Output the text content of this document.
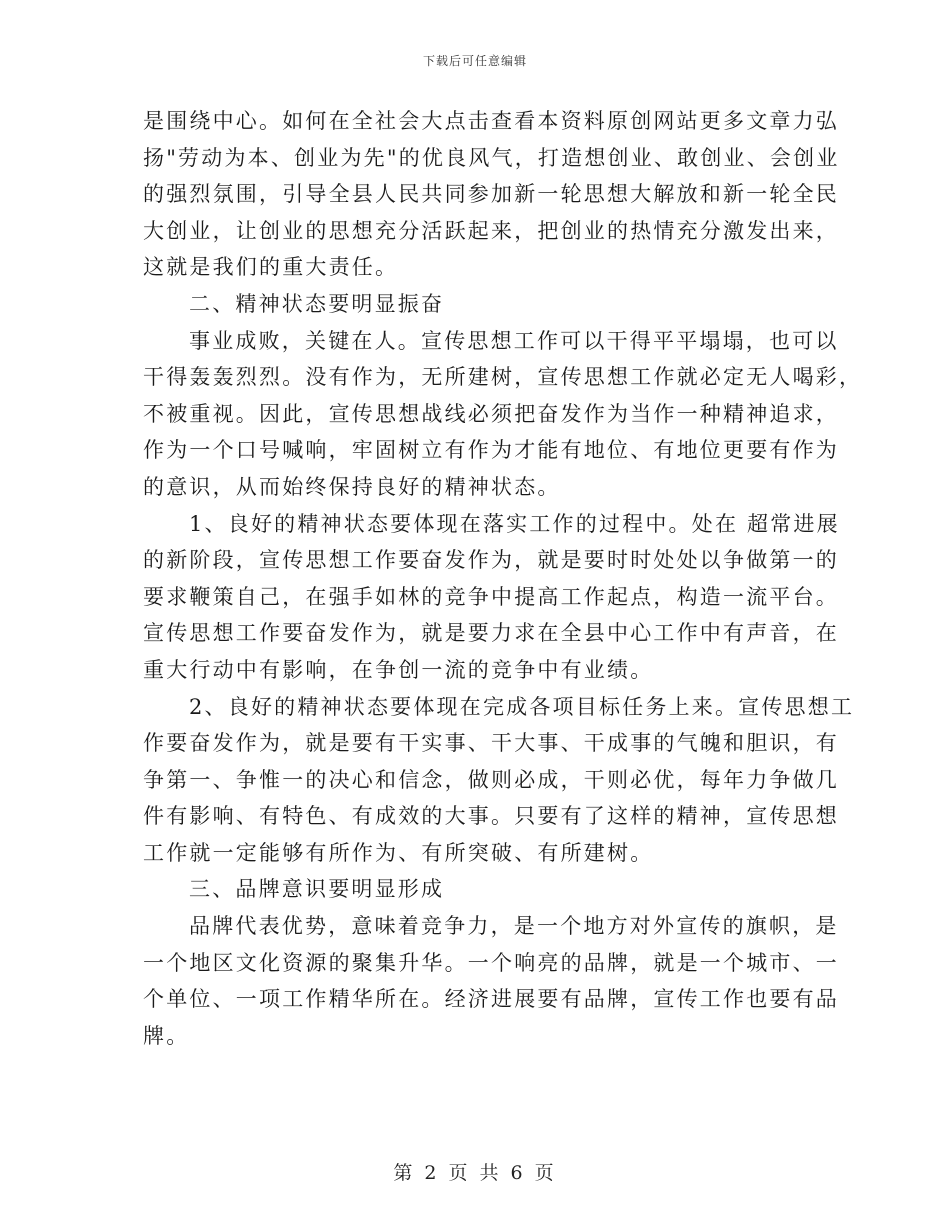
下载后可任意编辑
是围绕中心。如何在全社会大点击查看本资料原创网站更多文章力弘
扬"劳动为本、创业为先"的优良风气，打造想创业、敢创业、会创业
的强烈氛围，引导全县人民共同参加新一轮思想大解放和新一轮全民
大创业，让创业的思想充分活跃起来，把创业的热情充分激发出来，
这就是我们的重大责任。
二、精神状态要明显振奋
事业成败，关键在人。宣传思想工作可以干得平平塌塌，也可以
干得轰轰烈烈。没有作为，无所建树，宣传思想工作就必定无人喝彩，
不被重视。因此，宣传思想战线必须把奋发作为当作一种精神追求，
作为一个口号喊响，牢固树立有作为才能有地位、有地位更要有作为
的意识，从而始终保持良好的精神状态。
1、良好的精神状态要体现在落实工作的过程中。处在 超常进展
的新阶段，宣传思想工作要奋发作为，就是要时时处处以争做第一的
要求鞭策自己，在强手如林的竞争中提高工作起点，构造一流平台。
宣传思想工作要奋发作为，就是要力求在全县中心工作中有声音，在
重大行动中有影响，在争创一流的竞争中有业绩。
2、良好的精神状态要体现在完成各项目标任务上来。宣传思想工
作要奋发作为，就是要有干实事、干大事、干成事的气魄和胆识，有
争第一、争惟一的决心和信念，做则必成，干则必优，每年力争做几
件有影响、有特色、有成效的大事。只要有了这样的精神，宣传思想
工作就一定能够有所作为、有所突破、有所建树。
三、品牌意识要明显形成
品牌代表优势，意味着竞争力，是一个地方对外宣传的旗帜，是
一个地区文化资源的聚集升华。一个响亮的品牌，就是一个城市、一
个单位、一项工作精华所在。经济进展要有品牌，宣传工作也要有品
牌。
第 2 页 共 6 页
